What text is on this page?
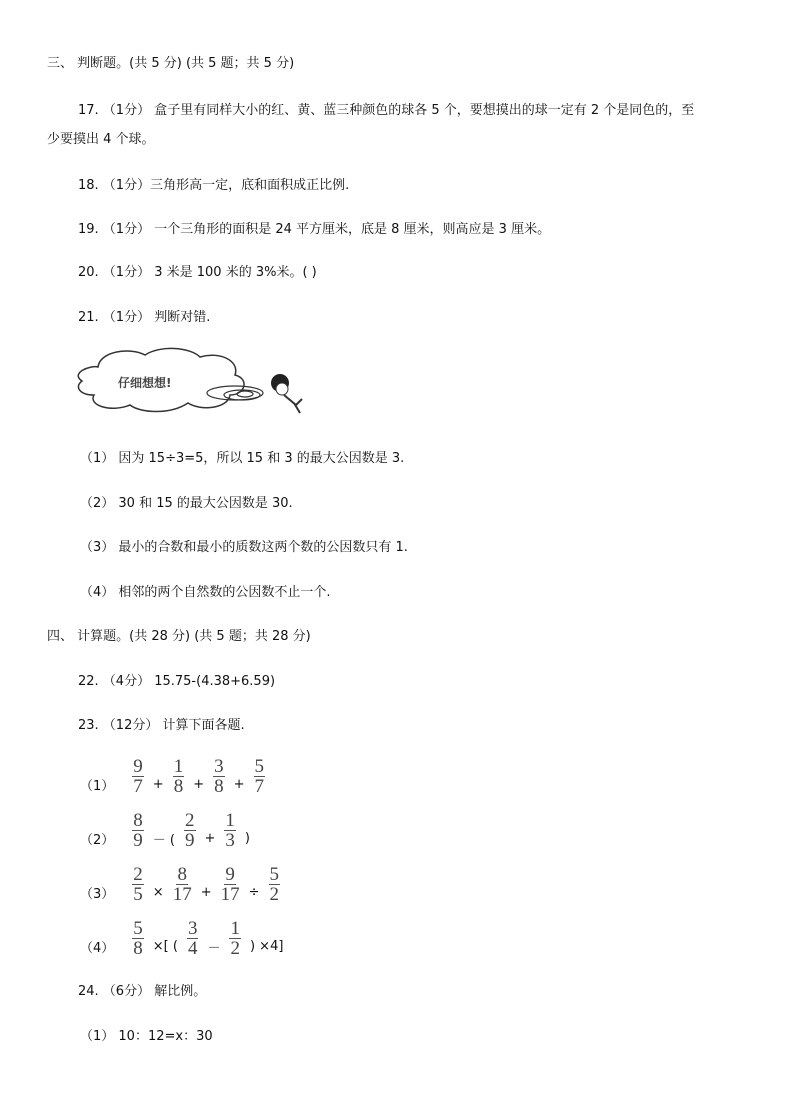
三、 判断题。(共 5 分) (共 5 题；共 5 分)
17. （1分） 盒子里有同样大小的红、黄、蓝三种颜色的球各 5 个，要想摸出的球一定有 2 个是同色的，至
少要摸出 4 个球。
18. （1分）三角形高一定，底和面积成正比例.
19. （1分） 一个三角形的面积是 24 平方厘米，底是 8 厘米，则高应是 3 厘米。
20. （1分） 3 米是 100 米的 3%米。( )
21. （1分） 判断对错.
仔细想想!
（1） 因为 15÷3=5，所以 15 和 3 的最大公因数是 3.
（2） 30 和 15 的最大公因数是 30.
（3） 最小的合数和最小的质数这两个数的公因数只有 1.
（4） 相邻的两个自然数的公因数不止一个.
四、 计算题。(共 28 分) (共 5 题；共 28 分)
22. （4分） 15.75-(4.38+6.59)
23. （12分） 计算下面各题.
$(1) \frac{9}{7} + \frac{1}{8} + \frac{3}{8} + \frac{5}{7}$
$(2) \frac{8}{9}$ － ( $\frac{2}{9} + \frac{1}{3}$ )
$(3) \frac{2}{5} \times \frac{8}{17} + \frac{9}{17} \div \frac{5}{2}$
$(4) \frac{5}{8}$ ×[ ( $\frac{3}{4} - \frac{1}{2}$ ) ×4]
24. （6分） 解比例。
（1） 10：12=x：30
